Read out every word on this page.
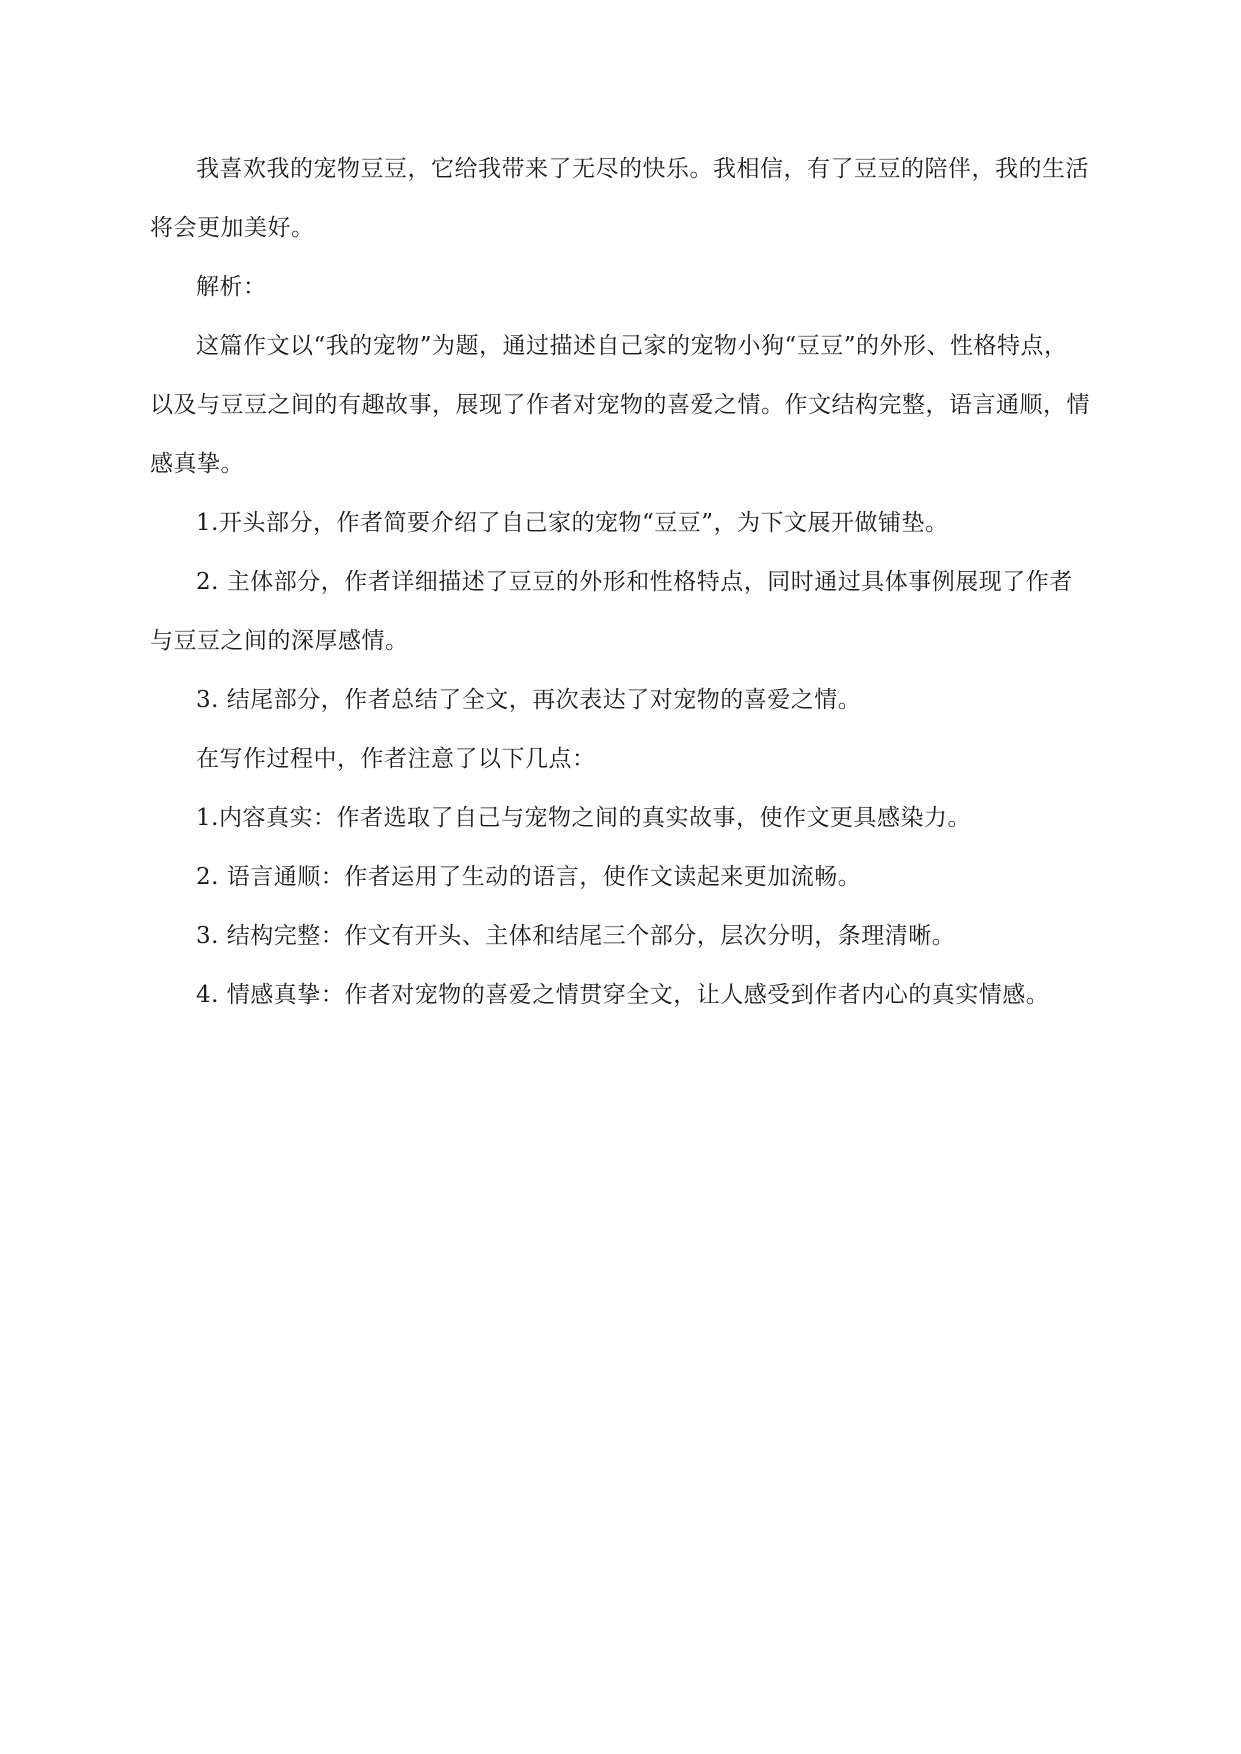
我喜欢我的宠物豆豆，它给我带来了无尽的快乐。我相信，有了豆豆的陪伴，我的生活将会更加美好。

解析：

这篇作文以“我的宠物”为题，通过描述自己家的宠物小狗“豆豆”的外形、性格特点，以及与豆豆之间的有趣故事，展现了作者对宠物的喜爱之情。作文结构完整，语言通顺，情感真挚。

1.开头部分，作者简要介绍了自己家的宠物“豆豆”，为下文展开做铺垫。

2. 主体部分，作者详细描述了豆豆的外形和性格特点，同时通过具体事例展现了作者与豆豆之间的深厚感情。

3. 结尾部分，作者总结了全文，再次表达了对宠物的喜爱之情。

在写作过程中，作者注意了以下几点：

1.内容真实：作者选取了自己与宠物之间的真实故事，使作文更具感染力。

2. 语言通顺：作者运用了生动的语言，使作文读起来更加流畅。

3. 结构完整：作文有开头、主体和结尾三个部分，层次分明，条理清晰。

4. 情感真挚：作者对宠物的喜爱之情贯穿全文，让人感受到作者内心的真实情感。
